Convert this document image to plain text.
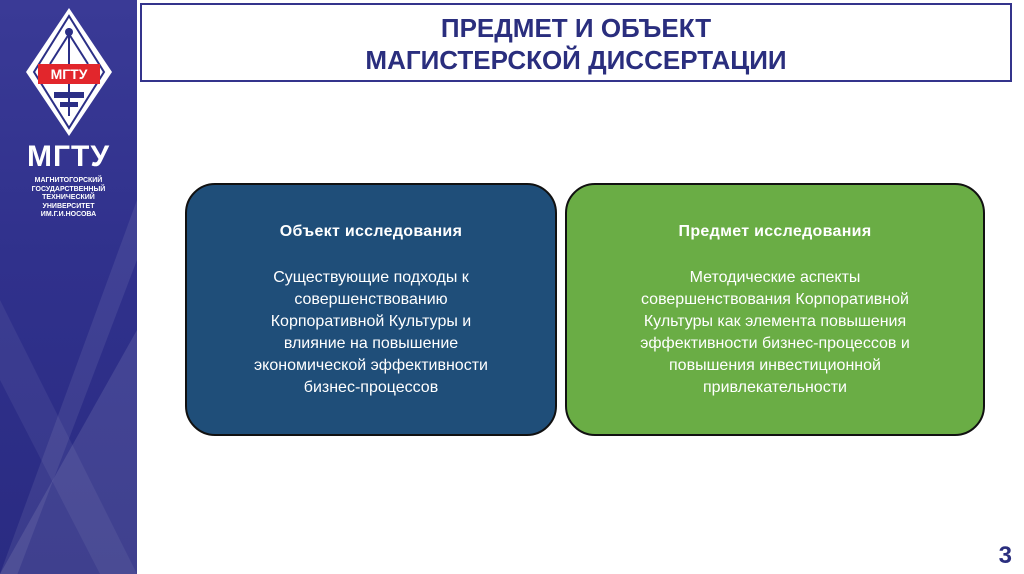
МГТУ
МГТУ
МАГНИТОГОРСКИЙ
ГОСУДАРСТВЕННЫЙ
ТЕХНИЧЕСКИЙ
УНИВЕРСИТЕТ
ИМ.Г.И.НОСОВА
ПРЕДМЕТ И ОБЪЕКТ
МАГИСТЕРСКОЙ ДИССЕРТАЦИИ
Объект исследования
Существующие подходы к
совершенствованию
Корпоративной Культуры и
влияние на повышение
экономической эффективности
бизнес-процессов
Предмет исследования
Методические аспекты
совершенствования Корпоративной
Культуры как элемента повышения
эффективности бизнес-процессов и
повышения инвестиционной
привлекательности
3
